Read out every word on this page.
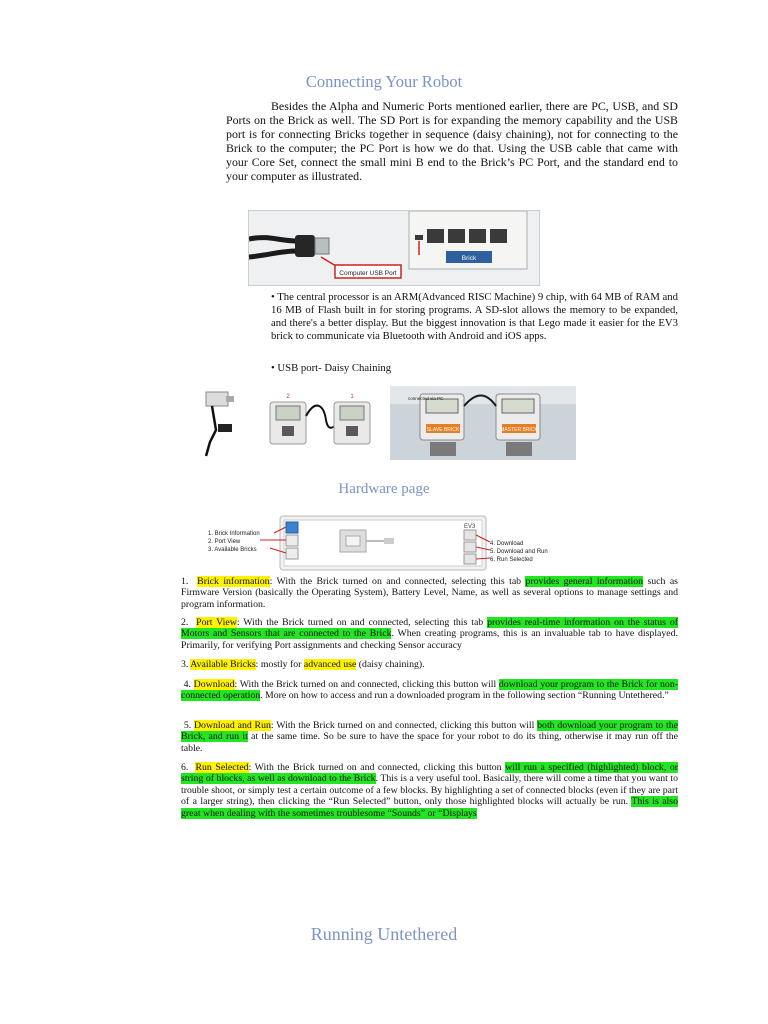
Connecting Your Robot

Besides the Alpha and Numeric Ports mentioned earlier, there are PC, USB, and SD Ports on the Brick as well. The SD Port is for expanding the memory capability and the USB port is for connecting Bricks together in sequence (daisy chaining), not for connecting to the Brick to the computer; the PC Port is how we do that. Using the USB cable that came with your Core Set, connect the small mini B end to the Brick’s PC Port, and the standard end to your computer as illustrated.

Computer USB Port
Brick

• The central processor is an ARM(Advanced RISC Machine) 9 chip, with 64 MB of RAM and 16 MB of Flash built in for storing programs. A SD-slot allows the memory to be expanded, and there's a better display. But the biggest innovation is that Lego made it easier for the EV3 brick to communicate via Bluetooth with Android and iOS apps.

• USB port- Daisy Chaining

2	1
SLAVE BRICK	MASTER BRICK
connected via PC
Hardware page
EV3
1. Brick Information
2. Port View
3. Available Bricks
4. Download
5. Download and Run
6. Run Selected

1. Brick information: With the Brick turned on and connected, selecting this tab provides general information such as Firmware Version (basically the Operating System), Battery Level, Name, as well as several options to manage settings and program information.

2. Port View: With the Brick turned on and connected, selecting this tab provides real-time information on the status of Motors and Sensors that are connected to the Brick. When creating programs, this is an invaluable tab to have displayed. Primarily, for verifying Port assignments and checking Sensor accuracy

3. Available Bricks: mostly for advanced use (daisy chaining).

4. Download: With the Brick turned on and connected, clicking this button will download your program to the Brick for non-connected operation. More on how to access and run a downloaded program in the following section “Running Untethered.”

5. Download and Run: With the Brick turned on and connected, clicking this button will both download your program to the Brick, and run it at the same time. So be sure to have the space for your robot to do its thing, otherwise it may run off the table.

6. Run Selected: With the Brick turned on and connected, clicking this button will run a specified (highlighted) block, or string of blocks, as well as download to the Brick. This is a very useful tool. Basically, there will come a time that you want to trouble shoot, or simply test a certain outcome of a few blocks. By highlighting a set of connected blocks (even if they are part of a larger string), then clicking the “Run Selected” button, only those highlighted blocks will actually be run. This is also great when dealing with the sometimes troublesome “Sounds” or “Displays

Running Untethered
